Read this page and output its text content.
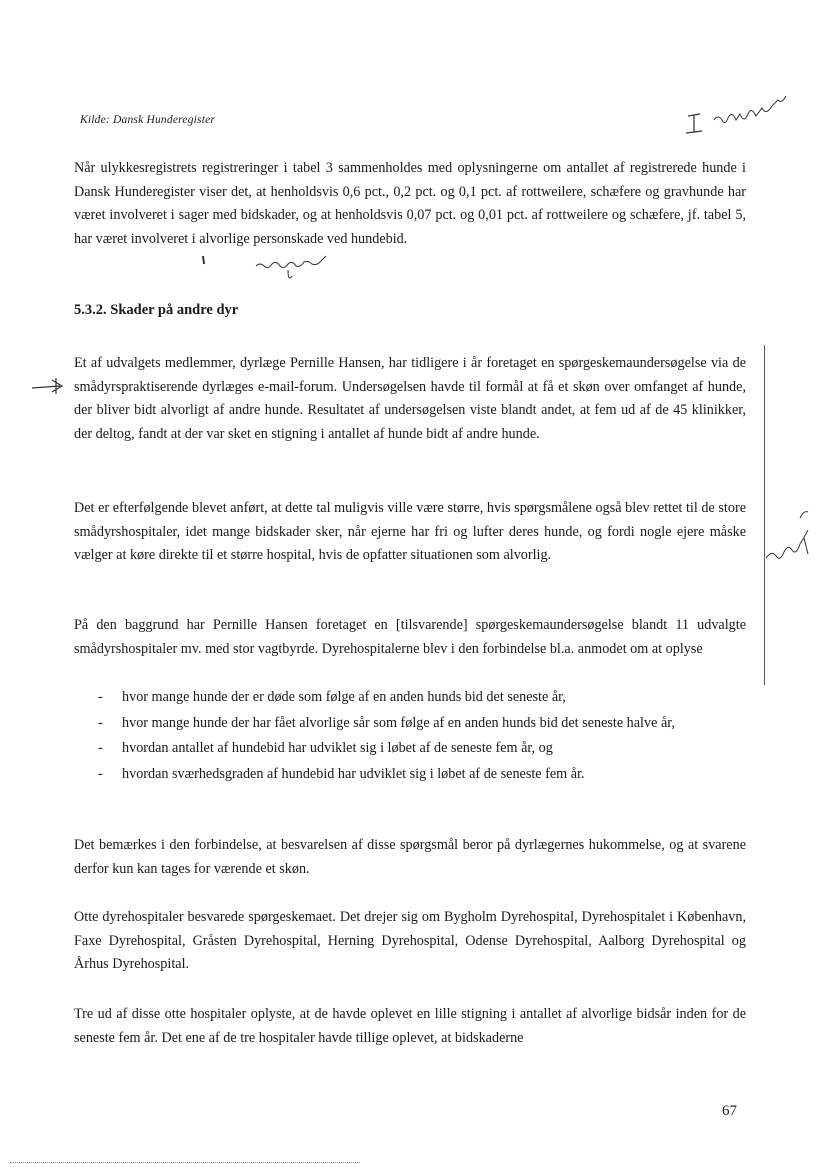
Kilde: Dansk Hunderegister

Når ulykkesregistrets registreringer i tabel 3 sammenholdes med oplysningerne om antallet af registrerede hunde i Dansk Hunderegister viser det, at henholdsvis 0,6 pct., 0,2 pct. og 0,1 pct. af rottweilere, schæfere og gravhunde har været involveret i sager med bidskader, og at henholdsvis 0,07 pct. og 0,01 pct. af rottweilere og schæfere, jf. tabel 5, har været involveret i alvorlige personskade ved hundebid.

5.3.2. Skader på andre dyr

Et af udvalgets medlemmer, dyrlæge Pernille Hansen, har tidligere i år foretaget en spørgeskemaundersøgelse via de smådyrspraktiserende dyrlæges e-mail-forum. Undersøgelsen havde til formål at få et skøn over omfanget af hunde, der bliver bidt alvorligt af andre hunde. Resultatet af undersøgelsen viste blandt andet, at fem ud af de 45 klinikker, der deltog, fandt at der var sket en stigning i antallet af hunde bidt af andre hunde.

Det er efterfølgende blevet anført, at dette tal muligvis ville være større, hvis spørgsmålene også blev rettet til de store smådyrshospitaler, idet mange bidskader sker, når ejerne har fri og lufter deres hunde, og fordi nogle ejere måske vælger at køre direkte til et større hospital, hvis de opfatter situationen som alvorlig.

På den baggrund har Pernille Hansen foretaget en [tilsvarende] spørgeskemaundersøgelse blandt 11 udvalgte smådyrshospitaler mv. med stor vagtbyrde. Dyrehospitalerne blev i den forbindelse bl.a. anmodet om at oplyse

- hvor mange hunde der er døde som følge af en anden hunds bid det seneste år,
- hvor mange hunde der har fået alvorlige sår som følge af en anden hunds bid det seneste halve år,
- hvordan antallet af hundebid har udviklet sig i løbet af de seneste fem år, og
- hvordan sværhedsgraden af hundebid har udviklet sig i løbet af de seneste fem år.

Det bemærkes i den forbindelse, at besvarelsen af disse spørgsmål beror på dyrlægernes hukommelse, og at svarene derfor kun kan tages for værende et skøn.

Otte dyrehospitaler besvarede spørgeskemaet. Det drejer sig om Bygholm Dyrehospital, Dyrehospitalet i København, Faxe Dyrehospital, Gråsten Dyrehospital, Herning Dyrehospital, Odense Dyrehospital, Aalborg Dyrehospital og Århus Dyrehospital.

Tre ud af disse otte hospitaler oplyste, at de havde oplevet en lille stigning i antallet af alvorlige bidsår inden for de seneste fem år. Det ene af de tre hospitaler havde tillige oplevet, at bidskaderne

67
